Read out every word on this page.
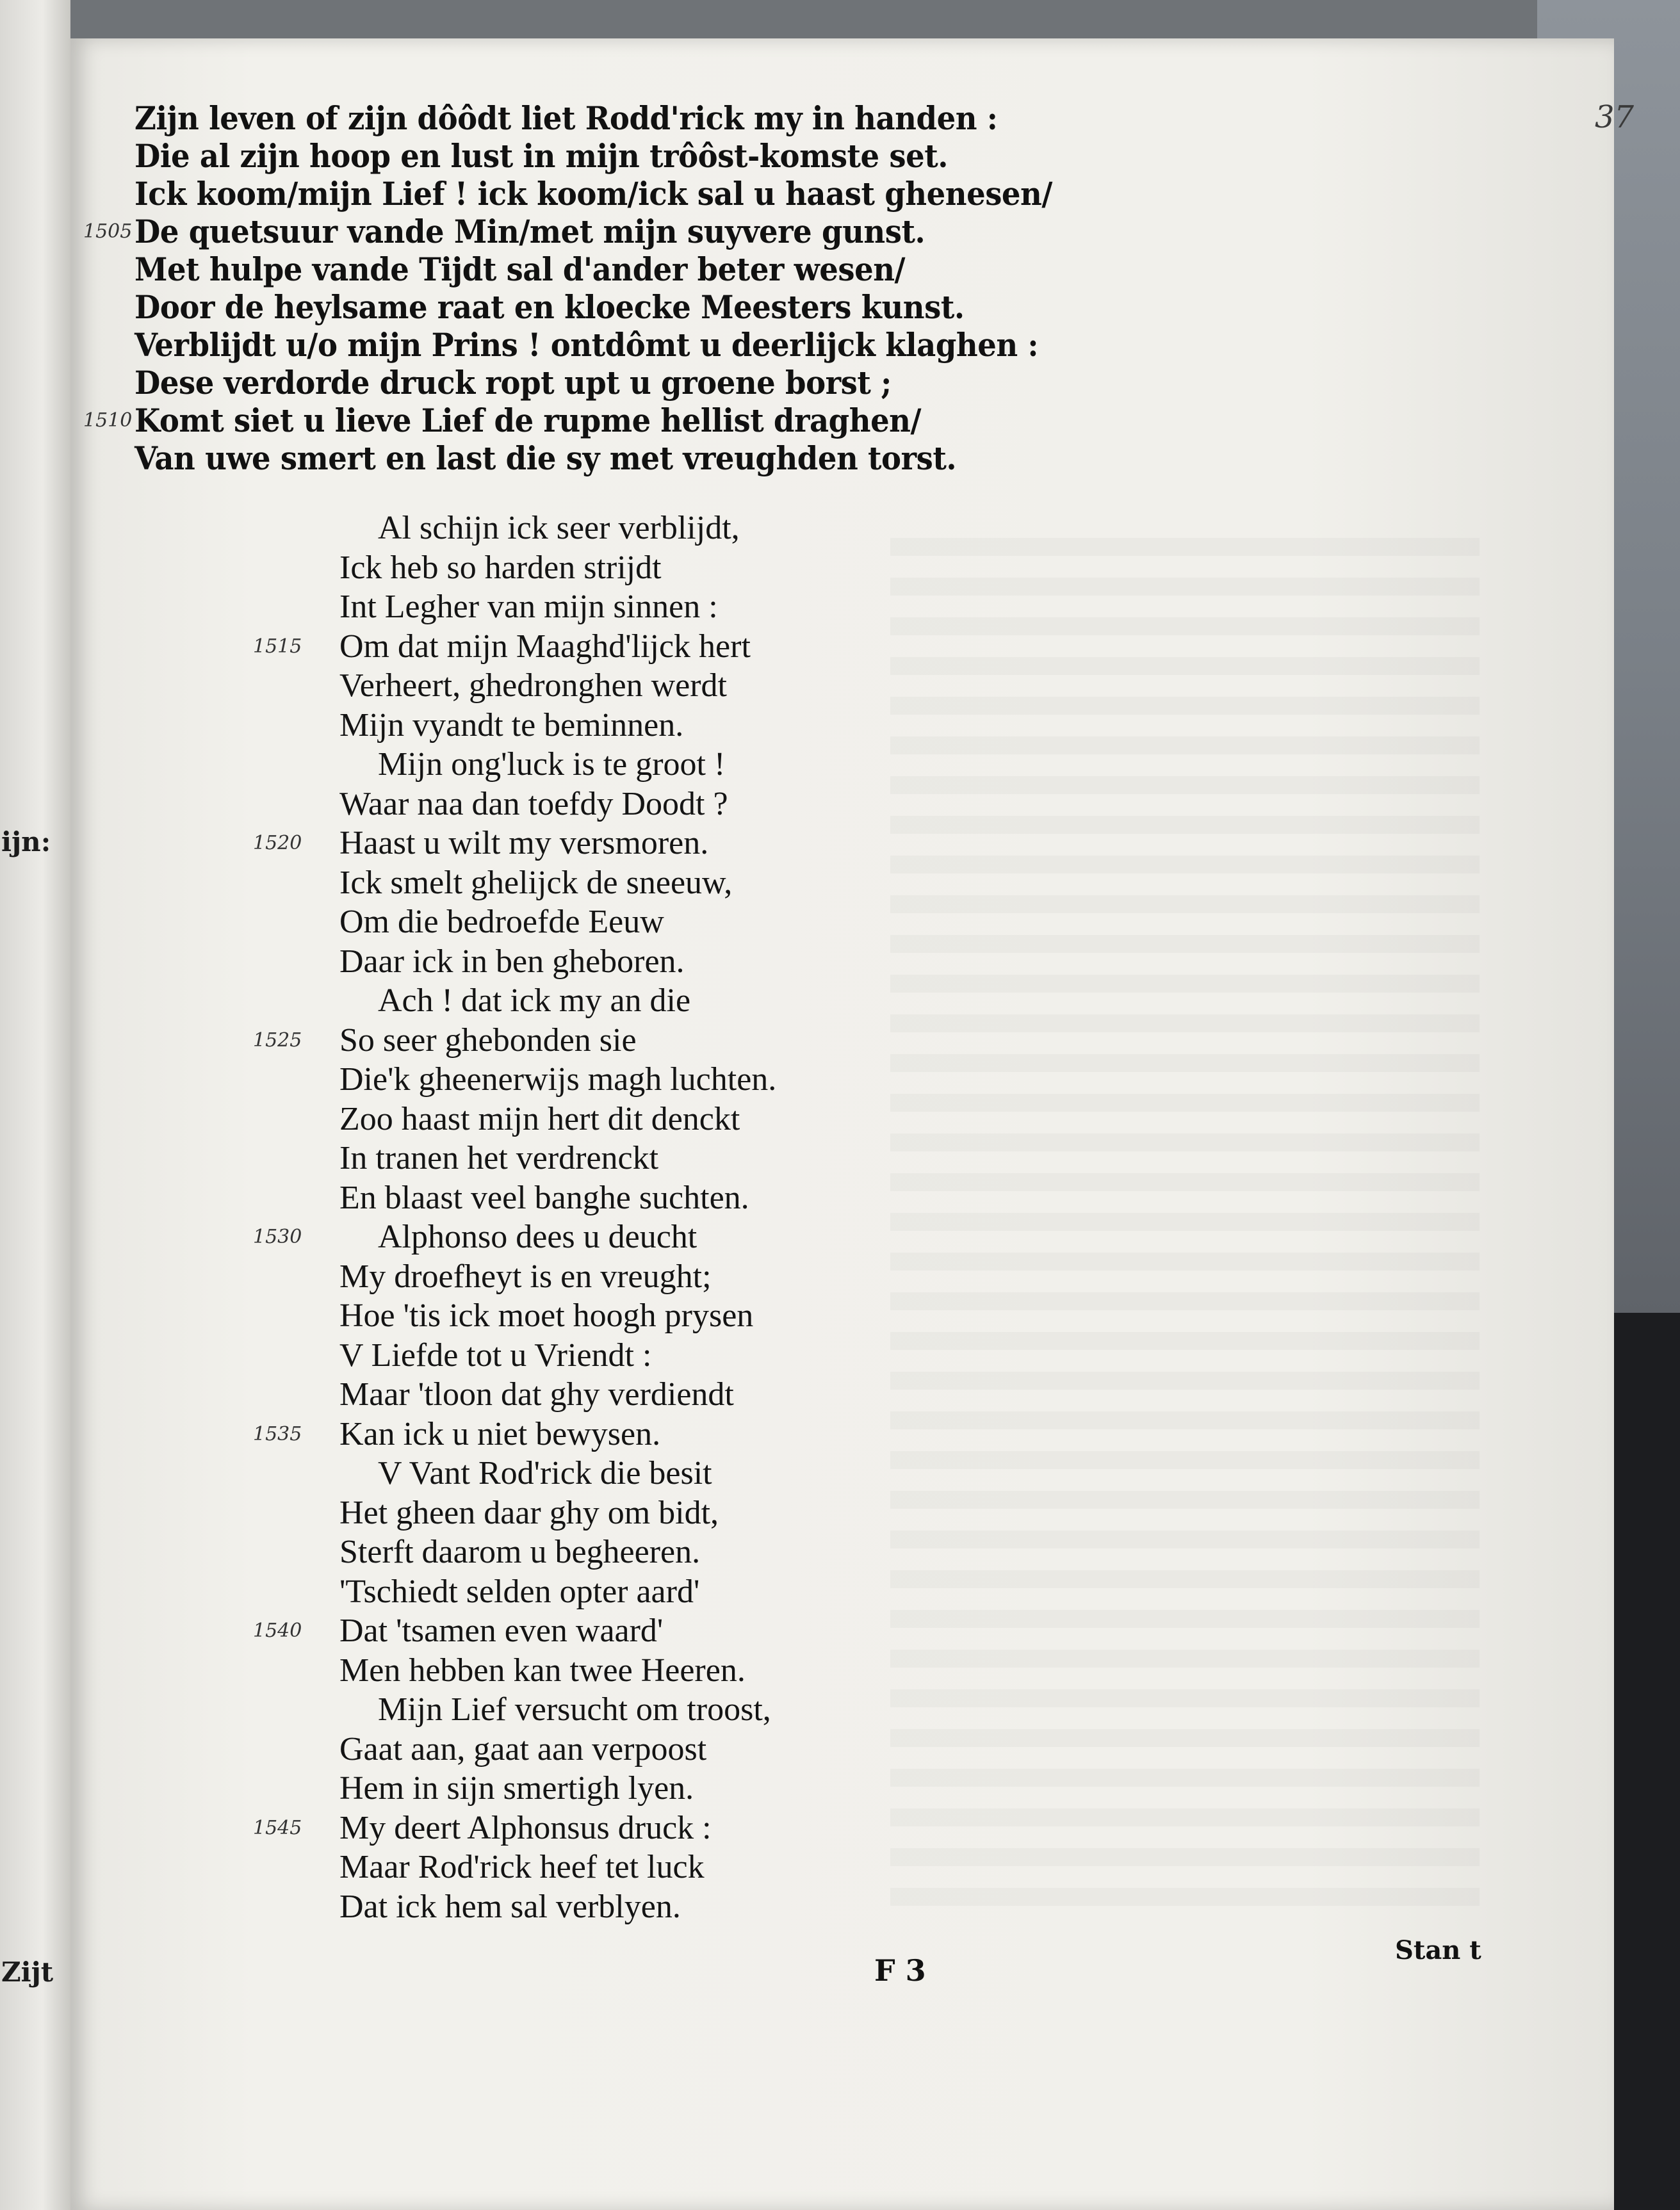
ijn:
Zijt
37
F 3
Stan t
Zijn leven of zijn dôôdt liet Rodd'rick my in handen :
Die al zijn hoop en lust in mijn trôôst-komste set.
Ick koom/mijn Lief ! ick koom/ick sal u haast ghenesen/
De quetsuur vande Min/met mijn suyvere gunst.
1505
Met hulpe vande Tijdt sal d'ander beter wesen/
Door de heylsame raat en kloecke Meesters kunst.
Verblijdt u/o mijn Prins ! ontdômt u deerlijck klaghen :
Dese verdorde druck ropt upt u groene borst ;
Komt siet u lieve Lief de rupme hellist draghen/
1510
Van uwe smert en last die sy met vreughden torst.
Al schijn ick seer verblijdt,
Ick heb so harden strijdt
Int Legher van mijn sinnen :
Om dat mijn Maaghd'lijck hert
1515
Verheert, ghedronghen werdt
Mijn vyandt te beminnen.
Mijn ong'luck is te groot !
Waar naa dan toefdy Doodt ?
Haast u wilt my versmoren.
1520
Ick smelt ghelijck de sneeuw,
Om die bedroefde Eeuw
Daar ick in ben gheboren.
Ach ! dat ick my an die
So seer ghebonden sie
1525
Die'k gheenerwijs magh luchten.
Zoo haast mijn hert dit denckt
In tranen het verdrenckt
En blaast veel banghe suchten.
Alphonso dees u deucht
1530
My droefheyt is en vreught;
Hoe 'tis ick moet hoogh prysen
V Liefde tot u Vriendt :
Maar 'tloon dat ghy verdiendt
Kan ick u niet bewysen.
1535
V Vant Rod'rick die besit
Het gheen daar ghy om bidt,
Sterft daarom u begheeren.
'Tschiedt selden opter aard'
Dat 'tsamen even waard'
1540
Men hebben kan twee Heeren.
Mijn Lief versucht om troost,
Gaat aan, gaat aan verpoost
Hem in sijn smertigh lyen.
My deert Alphonsus druck :
1545
Maar Rod'rick heef tet luck
Dat ick hem sal verblyen.
